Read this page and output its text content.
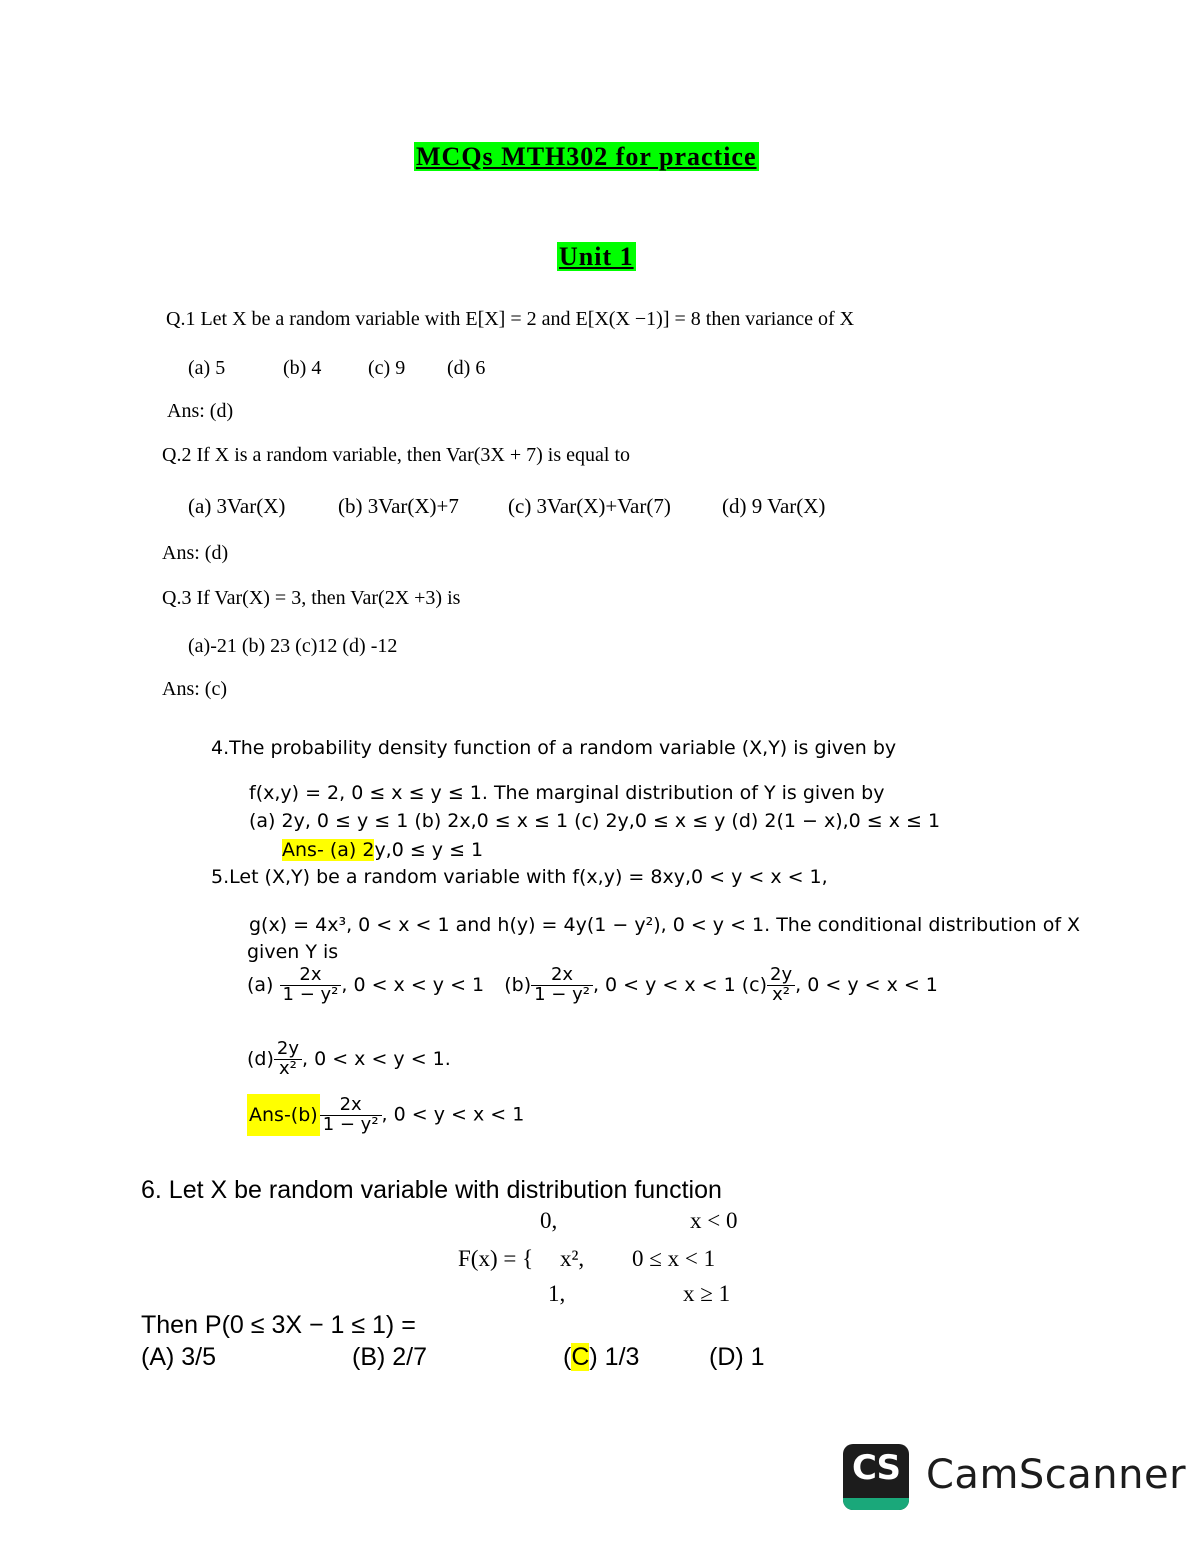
MCQs MTH302 for practice
Unit 1
Q.1 Let X be a random variable with E[X] = 2 and E[X(X −1)] = 8 then variance of X
(a) 5	(b) 4 (c) 9 (d) 6
Ans: (d)
Q.2 If X is a random variable, then Var(3X + 7) is equal to
(a) 3Var(X)	(b) 3Var(X)+7 (c) 3Var(X)+Var(7) (d) 9 Var(X)
Ans: (d)
Q.3 If Var(X) = 3, then Var(2X +3) is
(a)-21 (b) 23 (c)12 (d) -12
Ans: (c)
4.The probability density function of a random variable (X,Y) is given by
f(x,y) = 2, 0 ≤ x ≤ y ≤ 1. The marginal distribution of Y is given by
(a) 2y, 0 ≤ y ≤ 1 (b) 2x,0 ≤ x ≤ 1 (c) 2y,0 ≤ x ≤ y (d) 2(1 − x),0 ≤ x ≤ 1
Ans- (a) 2y,0 ≤ y ≤ 1
5.Let (X,Y) be a random variable with f(x,y) = 8xy,0 < y < x < 1,
g(x) = 4x³, 0 < x < 1 and h(y) = 4y(1 − y²), 0 < y < 1. The conditional distribution of X
given Y is
$(a) \frac{2x}{\text{1 − y²}}$ , 0 < x < y < 1 $(b) \frac{2x}{\text{1 − y²}}$ , 0 < y < x < 1 $(c) \frac{2y}{\text{x²}}$ , 0 < y < x < 1
$(d) \frac{2y}{\text{x²}}$ , 0 < x < y < 1.
$Ans-(b) \frac{2x}{\text{1 − y²}}$ , 0 < y < x < 1
6. Let X be random variable with distribution function
0,	x < 0
F(x) = { x², 0 ≤ x < 1
1,	x ≥ 1
Then P(0 ≤ 3X − 1 ≤ 1) =
(A) 3/5	(B) 2/7	(C) 1/3	(D) 1
CS CamScanner
